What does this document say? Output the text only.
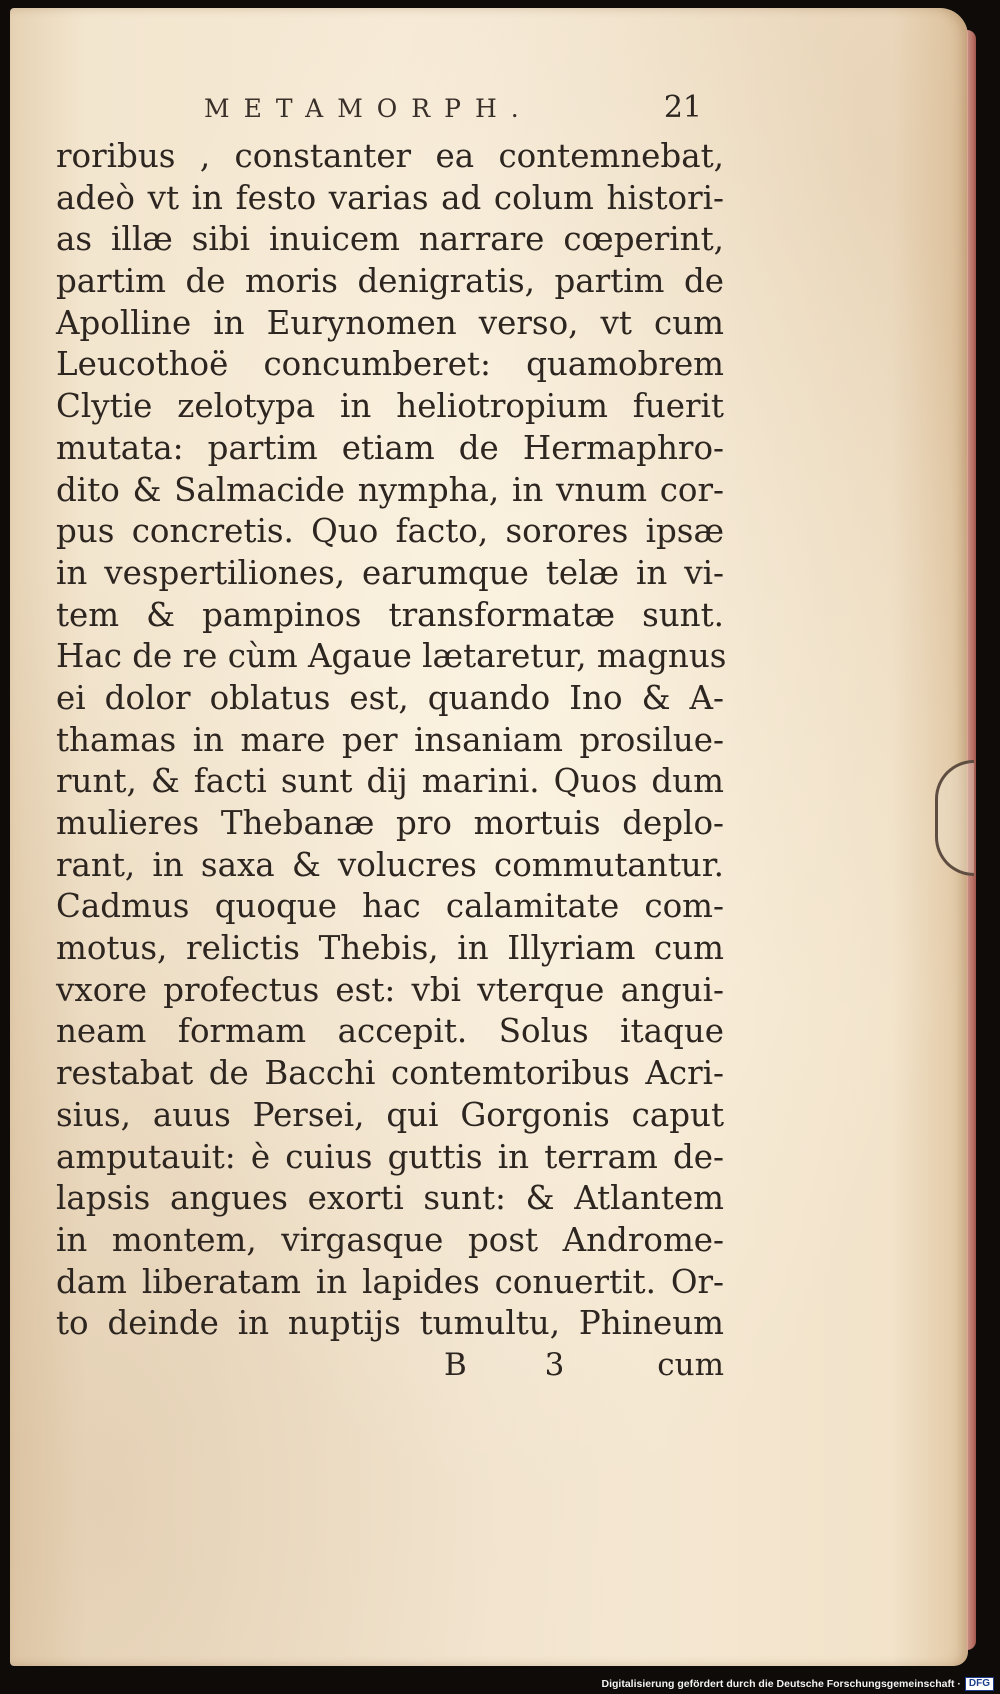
METAMORPH.	21
roribus , constanter ea contemnebat,
adeò vt in festo varias ad colum histori-
as illæ sibi inuicem narrare cœperint,
partim de moris denigratis, partim de
Apolline in Eurynomen verso, vt cum
Leucothoë concumberet: quamobrem
Clytie zelotypa in heliotropium fuerit
mutata: partim etiam de Hermaphro-
dito & Salmacide nympha, in vnum cor-
pus concretis. Quo facto, sorores ipsæ
in vespertiliones, earumque telæ in vi-
tem & pampinos transformatæ sunt.
Hac de re cùm Agaue lætaretur, magnus
ei dolor oblatus est, quando Ino & A-
thamas in mare per insaniam prosilue-
runt, & facti sunt dij marini. Quos dum
mulieres Thebanæ pro mortuis deplo-
rant, in saxa & volucres commutantur.
Cadmus quoque hac calamitate com-
motus, relictis Thebis, in Illyriam cum
vxore profectus est: vbi vterque angui-
neam formam accepit. Solus itaque
restabat de Bacchi contemtoribus Acri-
sius, auus Persei, qui Gorgonis caput
amputauit: è cuius guttis in terram de-
lapsis angues exorti sunt: & Atlantem
in montem, virgasque post Androme-
dam liberatam in lapides conuertit. Or-
to deinde in nuptijs tumultu, Phineum
B 3 cum
Digitalisierung gefördert durch die Deutsche Forschungsgemeinschaft · DFG
